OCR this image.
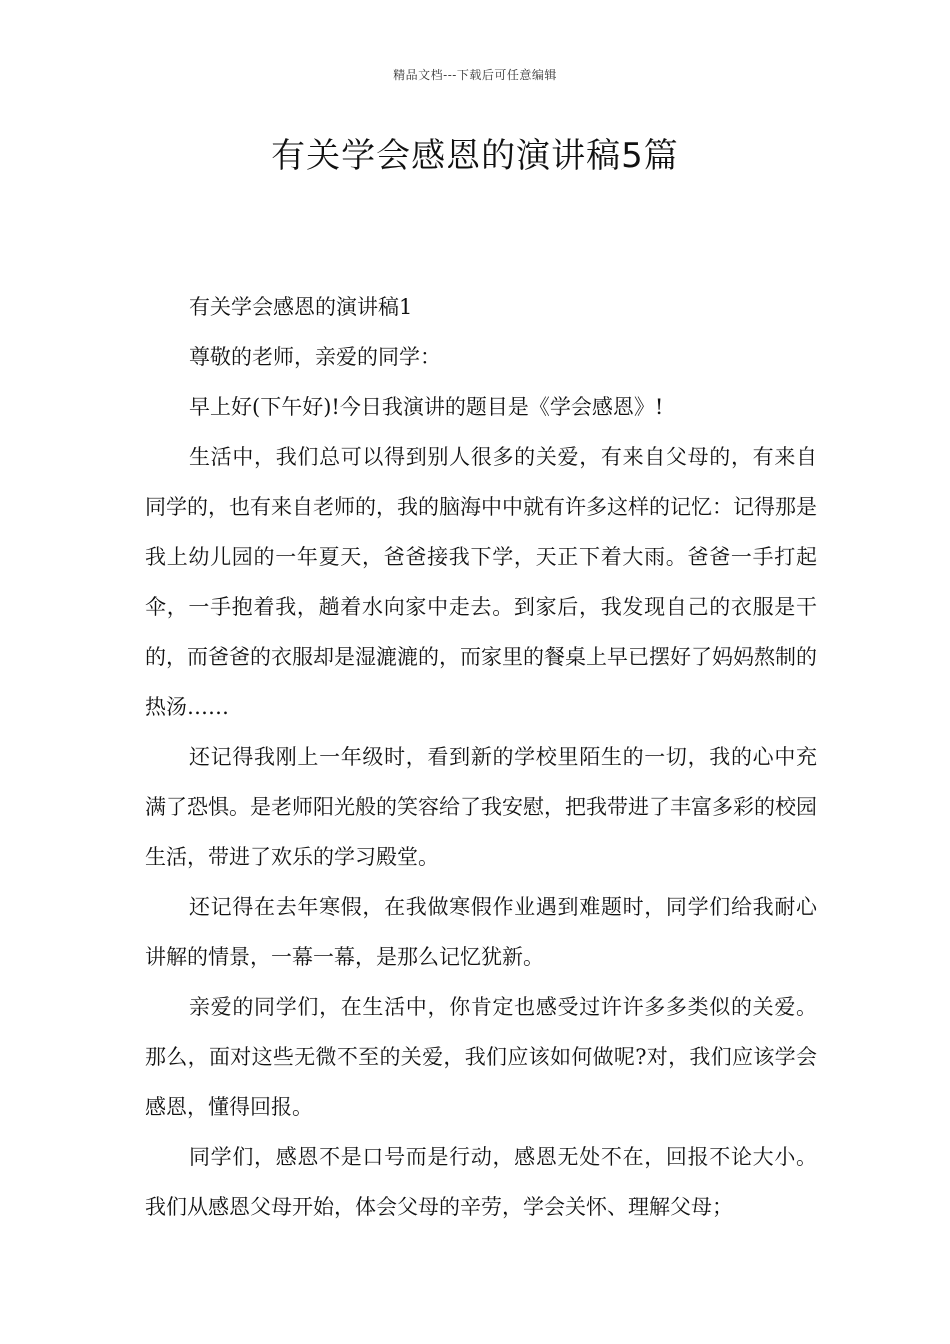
精品文档---下载后可任意编辑
有关学会感恩的演讲稿5篇

有关学会感恩的演讲稿1

尊敬的老师，亲爱的同学：

早上好(下午好)!今日我演讲的题目是《学会感恩》!

生活中，我们总可以得到别人很多的关爱，有来自父母的，有来自同学的，也有来自老师的，我的脑海中中就有许多这样的记忆：记得那是我上幼儿园的一年夏天，爸爸接我下学，天正下着大雨。爸爸一手打起伞，一手抱着我，趟着水向家中走去。到家后，我发现自己的衣服是干的，而爸爸的衣服却是湿漉漉的，而家里的餐桌上早已摆好了妈妈熬制的热汤……

还记得我刚上一年级时，看到新的学校里陌生的一切，我的心中充满了恐惧。是老师阳光般的笑容给了我安慰，把我带进了丰富多彩的校园生活，带进了欢乐的学习殿堂。

还记得在去年寒假，在我做寒假作业遇到难题时，同学们给我耐心讲解的情景，一幕一幕，是那么记忆犹新。

亲爱的同学们，在生活中，你肯定也感受过许许多多类似的关爱。那么，面对这些无微不至的关爱，我们应该如何做呢?对，我们应该学会感恩，懂得回报。

同学们，感恩不是口号而是行动，感恩无处不在，回报不论大小。我们从感恩父母开始，体会父母的辛劳，学会关怀、理解父母；
